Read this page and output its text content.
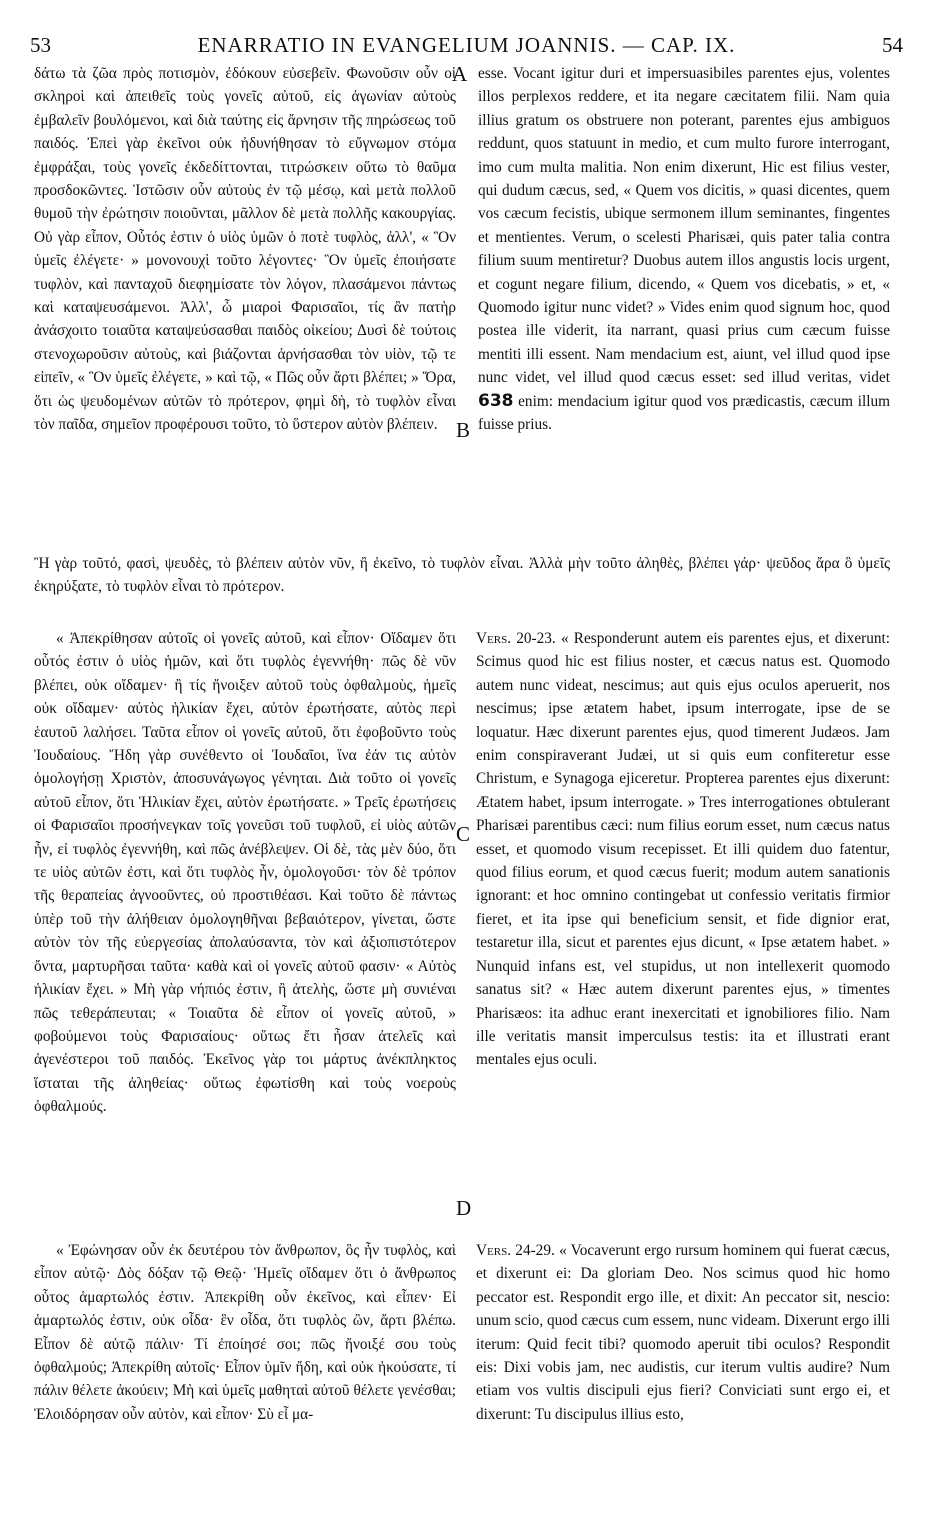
53	ENARRATIO IN EVANGELIUM JOANNIS. — CAP. IX.	54
A
B
C
D

δάτω τὰ ζῶα πρὸς ποτισμὸν, ἐδόκουν εὐσεβεῖν. Φωνοῦσιν οὖν οἱ σκληροὶ καὶ ἀπειθεῖς τοὺς γονεῖς αὐτοῦ, εἰς ἀγωνίαν αὐτοὺς ἐμβαλεῖν βουλόμενοι, καὶ διὰ ταύτης εἰς ἄρνησιν τῆς πηρώσεως τοῦ παιδός. Ἐπεὶ γὰρ ἐκεῖνοι οὐκ ἠδυνήθησαν τὸ εὔγνωμον στόμα ἐμφράξαι, τοὺς γονεῖς ἐκδεδίττονται, τιτρώσκειν οὕτω τὸ θαῦμα προσδοκῶντες. Ἱστῶσιν οὖν αὐτοὺς ἐν τῷ μέσῳ, καὶ μετὰ πολλοῦ θυμοῦ τὴν ἐρώτησιν ποιοῦνται, μᾶλλον δὲ μετὰ πολλῆς κακουργίας. Οὐ γὰρ εἶπον, Οὗτός ἐστιν ὁ υἱὸς ὑμῶν ὁ ποτὲ τυφλὸς, ἀλλ', « Ὃν ὑμεῖς ἐλέγετε· » μονονουχὶ τοῦτο λέγοντες· Ὃν ὑμεῖς ἐποιήσατε τυφλὸν, καὶ πανταχοῦ διεφημίσατε τὸν λόγον, πλασάμενοι πάντως καὶ καταψευσάμενοι. Ἀλλ', ὦ μιαροὶ Φαρισαῖοι, τίς ἂν πατὴρ ἀνάσχοιτο τοιαῦτα καταψεύσασθαι παιδὸς οἰκείου; Δυσὶ δὲ τούτοις στενοχωροῦσιν αὐτοὺς, καὶ βιάζονται ἀρνήσασθαι τὸν υἱὸν, τῷ τε εἰπεῖν, « Ὃν ὑμεῖς ἐλέγετε, » καὶ τῷ, « Πῶς οὖν ἄρτι βλέπει; » Ὅρα, ὅτι ὡς ψευδομένων αὐτῶν τὸ πρότερον, φημὶ δὴ, τὸ τυφλὸν εἶναι τὸν παῖδα, σημεῖον προφέρουσι τοῦτο, τὸ ὕστερον αὐτὸν βλέπειν.

esse. Vocant igitur duri et impersuasibiles parentes ejus, volentes illos perplexos reddere, et ita negare cæcitatem filii. Nam quia illius gratum os obstruere non poterant, parentes ejus ambiguos reddunt, quos statuunt in medio, et cum multo furore interrogant, imo cum multa malitia. Non enim dixerunt, Hic est filius vester, qui dudum cæcus, sed, « Quem vos dicitis, » quasi dicentes, quem vos cæcum fecistis, ubique sermonem illum seminantes, fingentes et mentientes. Verum, o scelesti Pharisæi, quis pater talia contra filium suum mentiretur? Duobus autem illos angustis locis urgent, et cogunt negare filium, dicendo, « Quem vos dicebatis, » et, « Quomodo igitur nunc videt? » Vides enim quod signum hoc, quod postea ille viderit, ita narrant, quasi prius cum cæcum fuisse mentiti illi essent. Nam mendacium est, aiunt, vel illud quod ipse nunc videt, vel illud quod cæcus esset: sed illud veritas, videt 638 enim: mendacium igitur quod vos prædicastis, cæcum illum fuisse prius.

Ἢ γὰρ τοῦτό, φασὶ, ψευδὲς, τὸ βλέπειν αὐτὸν νῦν, ἢ ἐκεῖνο, τὸ τυφλὸν εἶναι. Ἀλλὰ μὴν τοῦτο ἀληθὲς, βλέπει γάρ· ψεῦδος ἄρα ὃ ὑμεῖς ἐκηρύξατε, τὸ τυφλὸν εἶναι τὸ πρότερον.

« Ἀπεκρίθησαν αὐτοῖς οἱ γονεῖς αὐτοῦ, καὶ εἶπον· Οἴδαμεν ὅτι οὗτός ἐστιν ὁ υἱὸς ἡμῶν, καὶ ὅτι τυφλὸς ἐγεννήθη· πῶς δὲ νῦν βλέπει, οὐκ οἴδαμεν· ἢ τίς ἤνοιξεν αὐτοῦ τοὺς ὀφθαλμοὺς, ἡμεῖς οὐκ οἴδαμεν· αὐτὸς ἡλικίαν ἔχει, αὐτὸν ἐρωτήσατε, αὐτὸς περὶ ἑαυτοῦ λαλήσει. Ταῦτα εἶπον οἱ γονεῖς αὐτοῦ, ὅτι ἐφοβοῦντο τοὺς Ἰουδαίους. Ἤδη γὰρ συνέθεντο οἱ Ἰουδαῖοι, ἵνα ἐάν τις αὐτὸν ὁμολογήσῃ Χριστὸν, ἀποσυνάγωγος γένηται. Διὰ τοῦτο οἱ γονεῖς αὐτοῦ εἶπον, ὅτι Ἡλικίαν ἔχει, αὐτὸν ἐρωτήσατε. » Τρεῖς ἐρωτήσεις οἱ Φαρισαῖοι προσήνεγκαν τοῖς γονεῦσι τοῦ τυφλοῦ, εἰ υἱὸς αὐτῶν ἦν, εἰ τυφλὸς ἐγεννήθη, καὶ πῶς ἀνέβλεψεν. Οἱ δὲ, τὰς μὲν δύο, ὅτι τε υἱὸς αὐτῶν ἐστι, καὶ ὅτι τυφλὸς ἦν, ὁμολογοῦσι· τὸν δὲ τρόπον τῆς θεραπείας ἀγνοοῦντες, οὐ προστιθέασι. Καὶ τοῦτο δὲ πάντως ὑπὲρ τοῦ τὴν ἀλήθειαν ὁμολογηθῆναι βεβαιότερον, γίνεται, ὥστε αὐτὸν τὸν τῆς εὐεργεσίας ἀπολαύσαντα, τὸν καὶ ἀξιοπιστότερον ὄντα, μαρτυρῆσαι ταῦτα· καθὰ καὶ οἱ γονεῖς αὐτοῦ φασιν· « Αὐτὸς ἡλικίαν ἔχει. » Μὴ γὰρ νήπιός ἐστιν, ἢ ἀτελὴς, ὥστε μὴ συνιέναι πῶς τεθεράπευται; « Τοιαῦτα δὲ εἶπον οἱ γονεῖς αὐτοῦ, » φοβούμενοι τοὺς Φαρισαίους· οὕτως ἔτι ἦσαν ἀτελεῖς καὶ ἀγενέστεροι τοῦ παιδός. Ἐκεῖνος γὰρ τοι μάρτυς ἀνέκπληκτος ἵσταται τῆς ἀληθείας· οὕτως ἐφωτίσθη καὶ τοὺς νοεροὺς ὀφθαλμούς.

Vers. 20-23. « Responderunt autem eis parentes ejus, et dixerunt: Scimus quod hic est filius noster, et cæcus natus est. Quomodo autem nunc videat, nescimus; aut quis ejus oculos aperuerit, nos nescimus; ipse ætatem habet, ipsum interrogate, ipse de se loquatur. Hæc dixerunt parentes ejus, quod timerent Judæos. Jam enim conspiraverant Judæi, ut si quis eum confiteretur esse Christum, e Synagoga ejiceretur. Propterea parentes ejus dixerunt: Ætatem habet, ipsum interrogate. » Tres interrogationes obtulerant Pharisæi parentibus cæci: num filius eorum esset, num cæcus natus esset, et quomodo visum recepisset. Et illi quidem duo fatentur, quod filius eorum, et quod cæcus fuerit; modum autem sanationis ignorant: et hoc omnino contingebat ut confessio veritatis firmior fieret, et ita ipse qui beneficium sensit, et fide dignior erat, testaretur illa, sicut et parentes ejus dicunt, « Ipse ætatem habet. » Nunquid infans est, vel stupidus, ut non intellexerit quomodo sanatus sit? « Hæc autem dixerunt parentes ejus, » timentes Pharisæos: ita adhuc erant inexercitati et ignobiliores filio. Nam ille veritatis mansit imperculsus testis: ita et illustrati erant mentales ejus oculi.

« Ἐφώνησαν οὖν ἐκ δευτέρου τὸν ἄνθρωπον, ὃς ἦν τυφλὸς, καὶ εἶπον αὐτῷ· Δὸς δόξαν τῷ Θεῷ· Ἡμεῖς οἴδαμεν ὅτι ὁ ἄνθρωπος οὗτος ἁμαρτωλός ἐστιν. Ἀπεκρίθη οὖν ἐκεῖνος, καὶ εἶπεν· Εἰ ἁμαρτωλός ἐστιν, οὐκ οἶδα· ἓν οἶδα, ὅτι τυφλὸς ὢν, ἄρτι βλέπω. Εἶπον δὲ αὐτῷ πάλιν· Τί ἐποίησέ σοι; πῶς ἤνοιξέ σου τοὺς ὀφθαλμούς; Ἀπεκρίθη αὐτοῖς· Εἶπον ὑμῖν ἤδη, καὶ οὐκ ἠκούσατε, τί πάλιν θέλετε ἀκούειν; Μὴ καὶ ὑμεῖς μαθηταὶ αὐτοῦ θέλετε γενέσθαι; Ἐλοιδόρησαν οὖν αὐτὸν, καὶ εἶπον· Σὺ εἶ μα-

Vers. 24-29. « Vocaverunt ergo rursum hominem qui fuerat cæcus, et dixerunt ei: Da gloriam Deo. Nos scimus quod hic homo peccator est. Respondit ergo ille, et dixit: An peccator sit, nescio: unum scio, quod cæcus cum essem, nunc videam. Dixerunt ergo illi iterum: Quid fecit tibi? quomodo aperuit tibi oculos? Respondit eis: Dixi vobis jam, nec audistis, cur iterum vultis audire? Num etiam vos vultis discipuli ejus fieri? Conviciati sunt ergo ei, et dixerunt: Tu discipulus illius esto,
